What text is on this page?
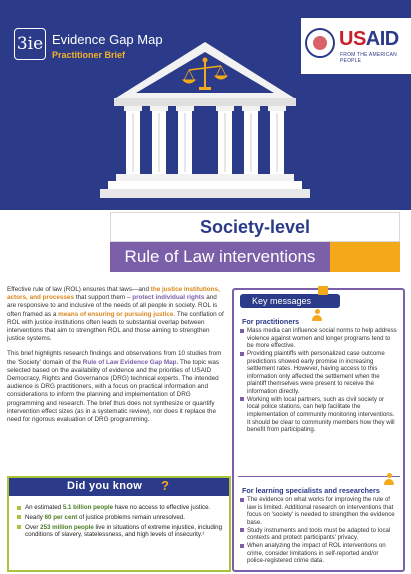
3ie Evidence Gap Map
Practitioner Brief
USAID
FROM THE AMERICAN PEOPLE
Society-level
Rule of Law interventions

Effective rule of law (ROL) ensures that laws—and the justice institutions, actors, and processes that support them – protect individual rights and are responsive to and inclusive of the needs of all people in society. ROL is often framed as a means of ensuring or pursuing justice. The conflation of ROL with justice institutions often leads to substantial overlap between interventions that aim to strengthen ROL and those aiming to strengthen justice systems.

This brief highlights research findings and observations from 10 studies from the 'Society' domain of the Rule of Law Evidence Gap Map. The topic was selected based on the availability of evidence and the priorities of USAID Democracy, Rights and Governance (DRG) technical experts. The intended audience is DRG practitioners, with a focus on practical information and considerations to inform the planning and implementation of DRG programming and research. The brief thus does not synthesize or quantify intervention effect sizes (as in a systematic review), nor does it replace the need for rigorous evaluation of DRG programming.

Did you know ?
An estimated 5.1 billion people have no access to effective justice.
Nearly 60 per cent of justice problems remain unresolved.
Over 253 million people live in situations of extreme injustice, including conditions of slavery, statelessness, and high levels of insecurity.¹
Key messages
For practitioners
Mass media can influence social norms to help address violence against women and longer programs tend to be more effective.
Providing plaintiffs with personalized case outcome predictions showed early promise in increasing settlement rates. However, having access to this information only affected the settlement when the plaintiff themselves were present to receive the information directly.
Working with local partners, such as civil society or local police stations, can help facilitate the implementation of community monitoring interventions. It should be clear to community members how they will benefit from participating.
For learning specialists and researchers
The evidence on what works for improving the rule of law is limited. Additional research on interventions that focus on 'society' is needed to strengthen the evidence base.
Study instruments and tools must be adapted to local contexts and protect participants' privacy.
When analyzing the impact of ROL interventions on crime, consider limitations in self-reported and/or police-registered crime data.
